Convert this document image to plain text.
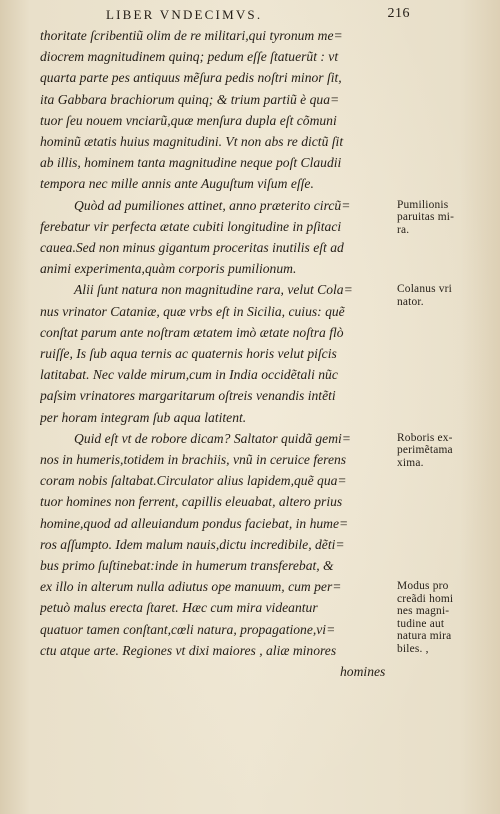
LIBER VNDECIMVS.	216
thoritate ſcribentiũ olim de re militari,qui tyronum me=
diocrem magnitudinem quinq; pedum eſſe ſtatuerũt : vt
quarta parte pes antiquus mẽſura pedis noſtri minor ſit,
ita Gabbara brachiorum quinq; & trium partiũ è qua=
tuor ſeu nouem vnciarũ,quæ menſura dupla eſt cõmuni
hominũ ætatis huius magnitudini. Vt non abs re dictũ ſit
ab illis, hominem tanta magnitudine neque poſt Claudii
tempora nec mille annis ante Auguſtum viſum eſſe.
Quòd ad pumiliones attinet, anno præterito circũ=
ferebatur vir perfecta ætate cubiti longitudine in pſitaci
cauea.Sed non minus gigantum proceritas inutilis eſt ad
animi experimenta,quàm corporis pumilionum.
Alii ſunt natura non magnitudine rara, velut Cola=
nus vrinator Cataniæ, quæ vrbs eſt in Sicilia, cuius: quẽ
conſtat parum ante noſtram ætatem imò ætate noſtra flò
ruiſſe, Is ſub aqua ternis ac quaternis horis velut piſcis
latitabat. Nec valde mirum,cum in India occidẽtali nũc
paſsim vrinatores margaritarum oſtreis venandis intẽti
per horam integram ſub aqua latitent.
Quid eſt vt de robore dicam? Saltator quidã gemi=
nos in humeris,totidem in brachiis, vnũ in ceruice ferens
coram nobis ſaltabat.Circulator alius lapidem,quẽ qua=
tuor homines non ferrent, capillis eleuabat, altero prius
homine,quod ad alleuiandum pondus faciebat, in hume=
ros aſſumpto. Idem malum nauis,dictu incredibile, dẽti=
bus primo ſuſtinebat:inde in humerum transferebat, &
ex illo in alterum nulla adiutus ope manuum, cum per=
petuò malus erecta ſtaret. Hæc cum mira videantur
quatuor tamen conſtant,cœli natura, propagatione,vi=
ctu atque arte. Regiones vt dixi maiores , aliæ minores
homines
Pumilionis
paruitas mi-
ra.
Colanus vri
nator.
Roboris ex-
perimẽtama
xima.
Modus pro
creãdi homi
nes magni-
tudine aut
natura mira
biles. ,
